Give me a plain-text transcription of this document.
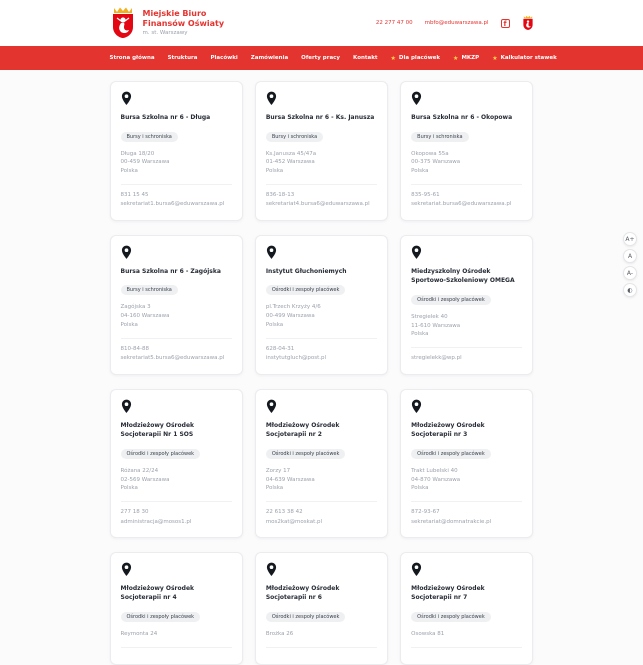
Miejskie Biuro
Finansów Oświaty
m. st. Warszawy
22 277 47 00 mbfo@eduwarszawa.pl	f
Strona główna Struktura Placówki Zamówienia Oferty pracy Kontakt ★ Dla placówek ★ MKZP ★ Kalkulator stawek
Bursa Szkolna nr 6 - Długa
Bursy i schroniska
Długa 18/20
00-459 Warszawa
Polska
831 15 45
sekretariat1.bursa6@eduwarszawa.pl
Bursa Szkolna nr 6 - Ks. Janusza
Bursy i schroniska
Ks.Janusza 45/47a
01-452 Warszawa
Polska
836-18-13
sekretariat4.bursa6@eduwarszawa.pl
Bursa Szkolna nr 6 - Okopowa
Bursy i schroniska
Okopowa 55a
00-375 Warszawa
Polska
835-95-61
sekretariat.bursa6@eduwarszawa.pl
Bursa Szkolna nr 6 - Zagójska
Bursy i schroniska
Zagójska 3
04-160 Warszawa
Polska
810-84-88
sekretariat5.bursa6@eduwarszawa.pl
Instytut Głuchoniemych
Ośrodki i zespoły placówek
pl.Trzech Krzyży 4/6
00-499 Warszawa
Polska
628-04-31
instytutgluch@post.pl
Miedzyszkolny Ośrodek Sportowo-Szkoleniowy OMEGA
Ośrodki i zespoły placówek
Stregielek 40
11-610 Warszawa
Polska
stregielekk@wp.pl
Młodzieżowy Ośrodek Socjoterapii Nr 1 SOS
Ośrodki i zespoły placówek
Różana 22/24
02-569 Warszawa
Polska
277 18 30
administracja@mosos1.pl
Młodzieżowy Ośrodek Socjoterapii nr 2
Ośrodki i zespoły placówek
Zorzy 17
04-639 Warszawa
Polska
22 613 38 42
mos2kat@moskat.pl
Młodzieżowy Ośrodek Socjoterapii nr 3
Ośrodki i zespoły placówek
Trakt Lubelski 40
04-870 Warszawa
Polska
872-93-67
sekretariat@domnatrakcie.pl
Młodzieżowy Ośrodek Socjoterapii nr 4
Ośrodki i zespoły placówek
Reymonta 24
Młodzieżowy Ośrodek Socjoterapii nr 6
Ośrodki i zespoły placówek
Brożka 26
Młodzieżowy Ośrodek Socjoterapii nr 7
Ośrodki i zespoły placówek
Osowska 81
A+
A
A-
◐
